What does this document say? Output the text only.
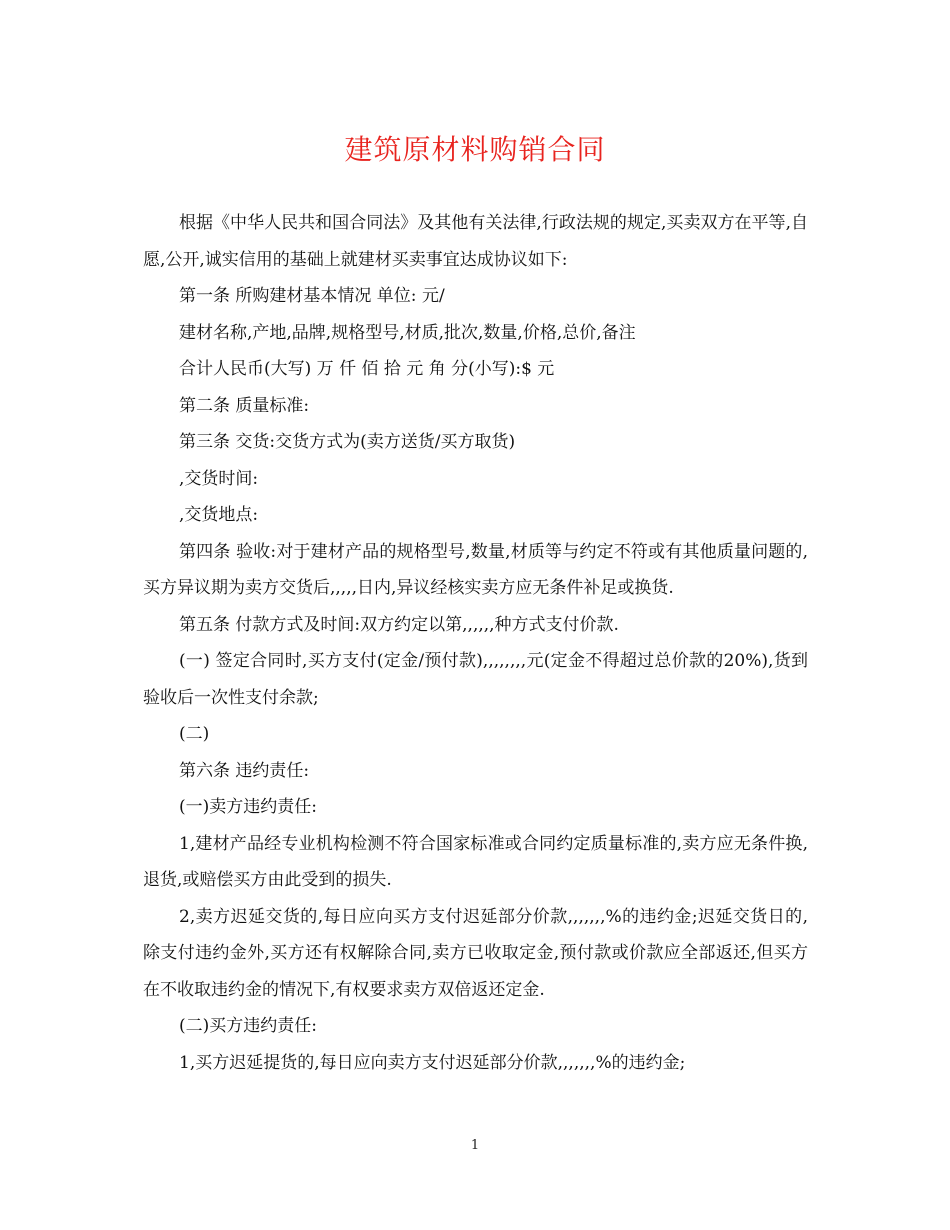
建筑原材料购销合同

根据《中华人民共和国合同法》及其他有关法律,行政法规的规定,买卖双方在平等,自愿,公开,诚实信用的基础上就建材买卖事宜达成协议如下:

第一条 所购建材基本情况 单位: 元/

建材名称,产地,品牌,规格型号,材质,批次,数量,价格,总价,备注

合计人民币(大写) 万 仟 佰 拾 元 角 分(小写):$ 元

第二条 质量标准:

第三条 交货:交货方式为(卖方送货/买方取货)

,交货时间:

,交货地点:

第四条 验收:对于建材产品的规格型号,数量,材质等与约定不符或有其他质量问题的,买方异议期为卖方交货后,,,,,日内,异议经核实卖方应无条件补足或换货.

第五条 付款方式及时间:双方约定以第,,,,,,种方式支付价款.

(一) 签定合同时,买方支付(定金/预付款),,,,,,,,元(定金不得超过总价款的20%),货到验收后一次性支付余款;

(二)

第六条 违约责任:

(一)卖方违约责任:

1,建材产品经专业机构检测不符合国家标准或合同约定质量标准的,卖方应无条件换,退货,或赔偿买方由此受到的损失.

2,卖方迟延交货的,每日应向买方支付迟延部分价款,,,,,,,%的违约金;迟延交货日的,除支付违约金外,买方还有权解除合同,卖方已收取定金,预付款或价款应全部返还,但买方在不收取违约金的情况下,有权要求卖方双倍返还定金.

(二)买方违约责任:

1,买方迟延提货的,每日应向卖方支付迟延部分价款,,,,,,,%的违约金;

1
